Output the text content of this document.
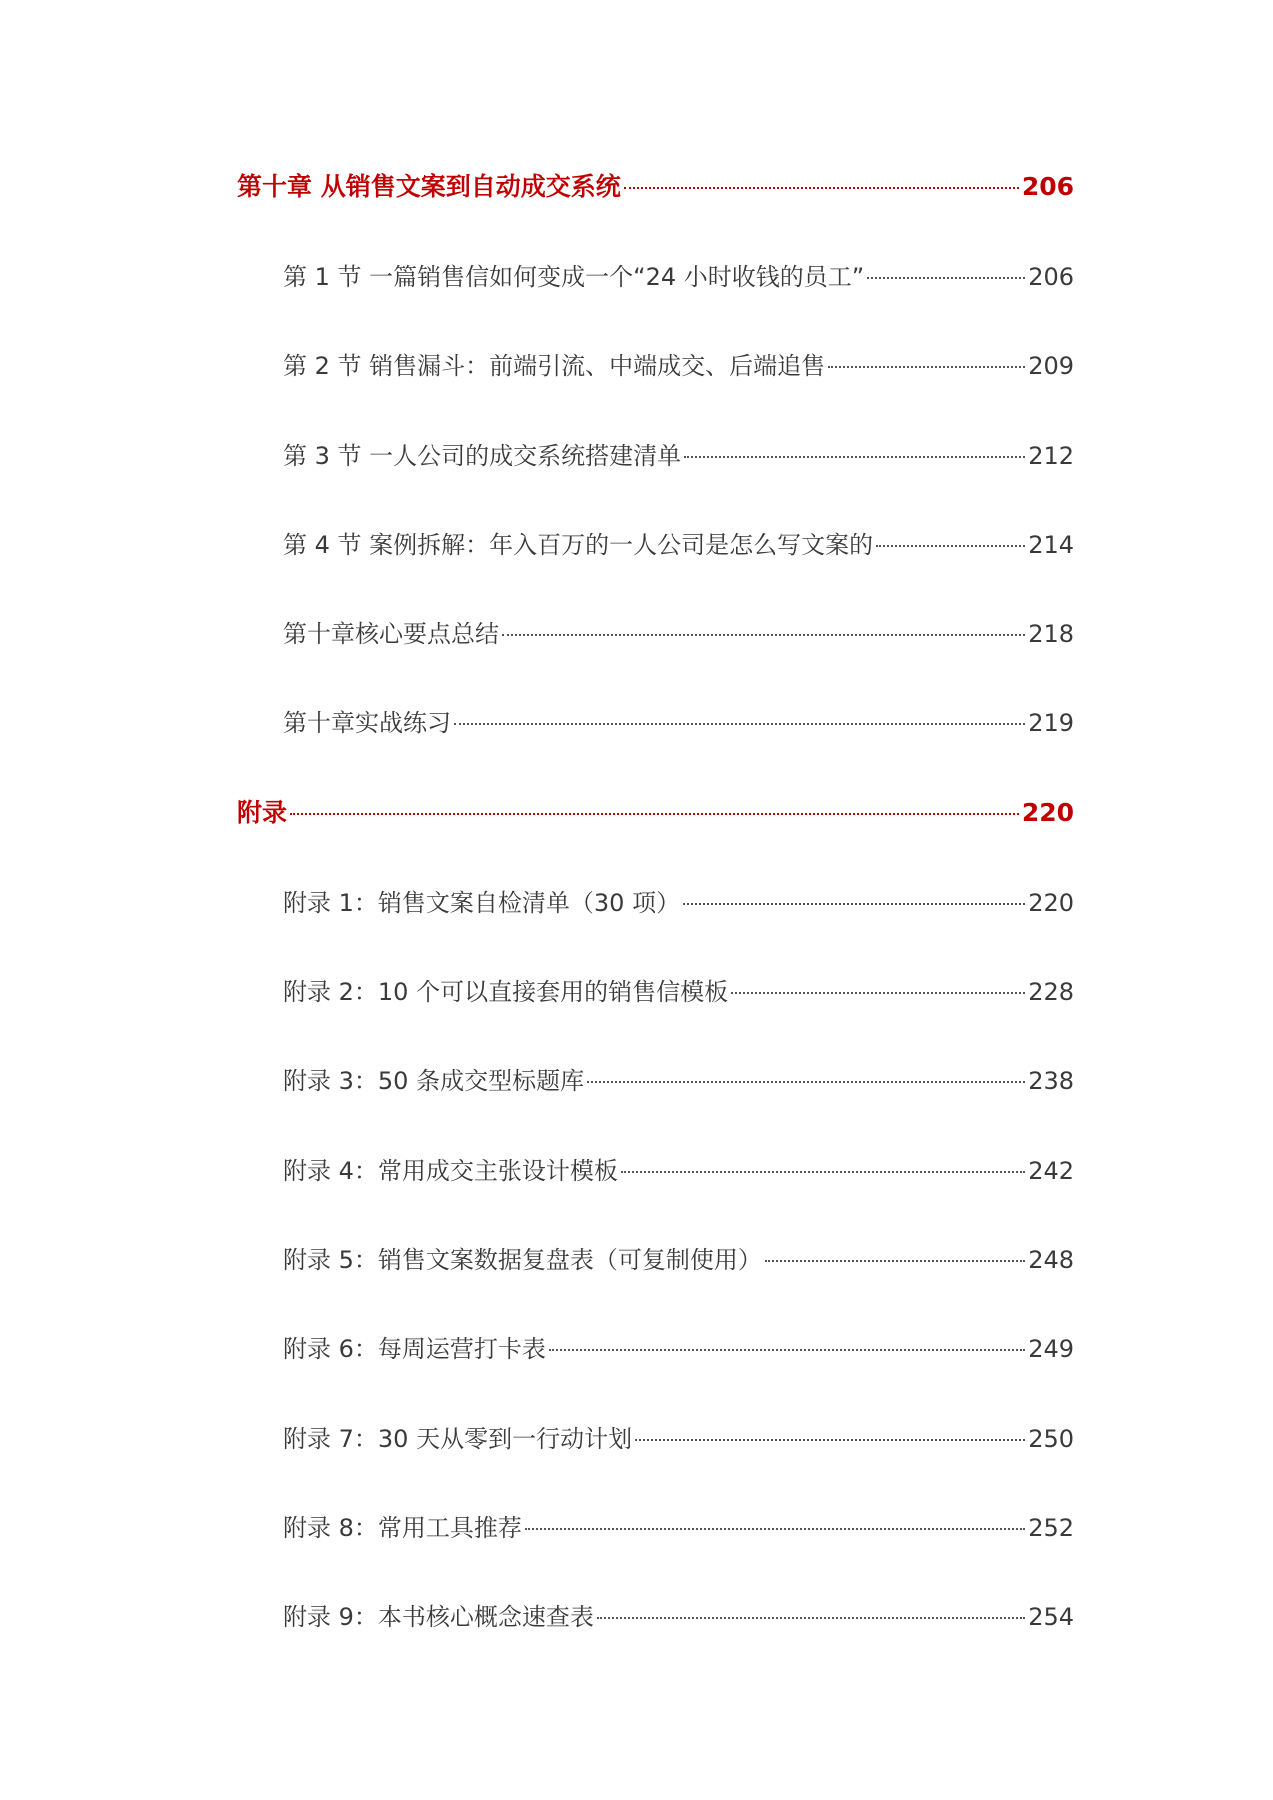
第十章 从销售文案到自动成交系统	206
第 1 节 一篇销售信如何变成一个“24 小时收钱的员工”	206
第 2 节 销售漏斗：前端引流、中端成交、后端追售	209
第 3 节 一人公司的成交系统搭建清单	212
第 4 节 案例拆解：年入百万的一人公司是怎么写文案的	214
第十章核心要点总结	218
第十章实战练习	219
附录	220
附录 1：销售文案自检清单（30 项）	220
附录 2：10 个可以直接套用的销售信模板	228
附录 3：50 条成交型标题库	238
附录 4：常用成交主张设计模板	242
附录 5：销售文案数据复盘表（可复制使用）	248
附录 6：每周运营打卡表	249
附录 7：30 天从零到一行动计划	250
附录 8：常用工具推荐	252
附录 9：本书核心概念速查表	254
